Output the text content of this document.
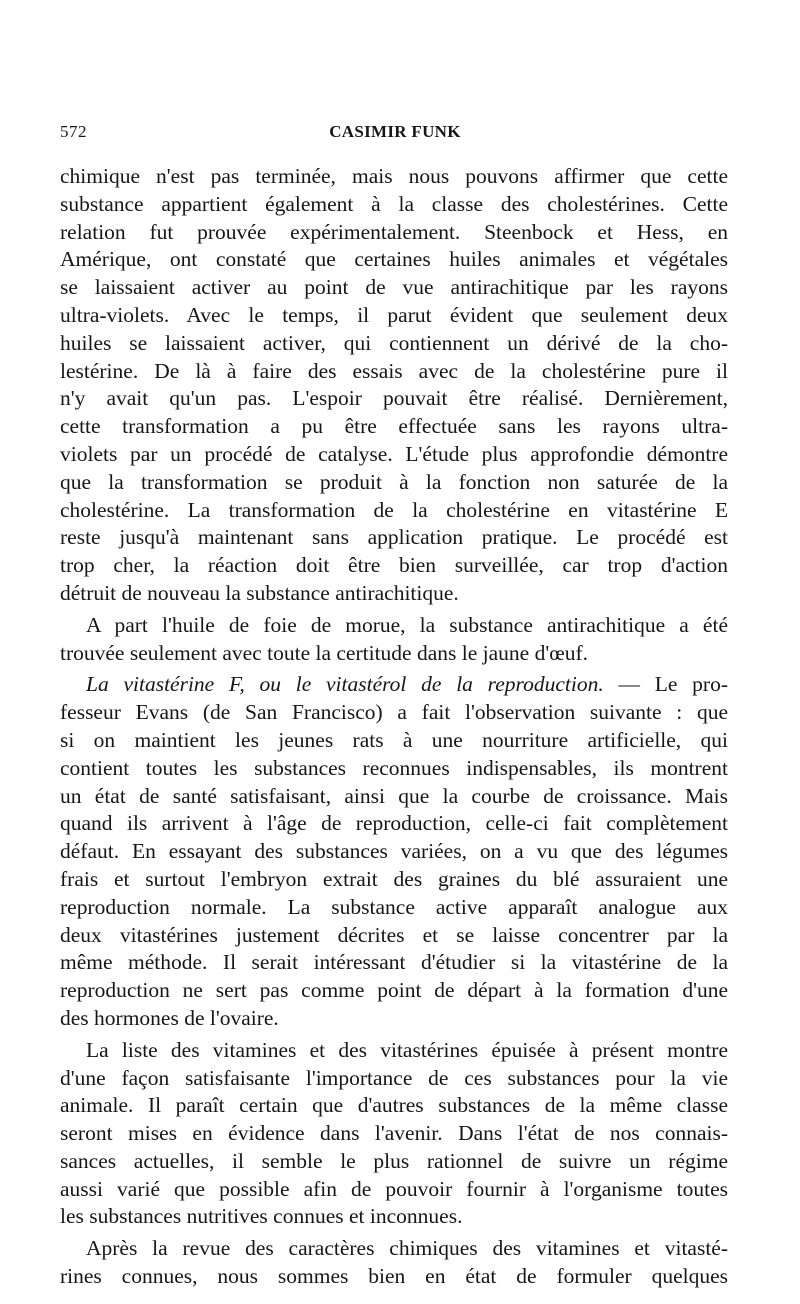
572	CASIMIR FUNK
chimique n'est pas terminée, mais nous pouvons affirmer que cette
substance appartient également à la classe des cholestérines. Cette
relation fut prouvée expérimentalement. Steenbock et Hess, en
Amérique, ont constaté que certaines huiles animales et végétales
se laissaient activer au point de vue antirachitique par les rayons
ultra-violets. Avec le temps, il parut évident que seulement deux
huiles se laissaient activer, qui contiennent un dérivé de la cho-
lestérine. De là à faire des essais avec de la cholestérine pure il
n'y avait qu'un pas. L'espoir pouvait être réalisé. Dernièrement,
cette transformation a pu être effectuée sans les rayons ultra-
violets par un procédé de catalyse. L'étude plus approfondie démontre
que la transformation se produit à la fonction non saturée de la
cholestérine. La transformation de la cholestérine en vitastérine E
reste jusqu'à maintenant sans application pratique. Le procédé est
trop cher, la réaction doit être bien surveillée, car trop d'action
détruit de nouveau la substance antirachitique.
A part l'huile de foie de morue, la substance antirachitique a été
trouvée seulement avec toute la certitude dans le jaune d'œuf.
La vitastérine F, ou le vitastérol de la reproduction. — Le pro-
fesseur Evans (de San Francisco) a fait l'observation suivante : que
si on maintient les jeunes rats à une nourriture artificielle, qui
contient toutes les substances reconnues indispensables, ils montrent
un état de santé satisfaisant, ainsi que la courbe de croissance. Mais
quand ils arrivent à l'âge de reproduction, celle-ci fait complètement
défaut. En essayant des substances variées, on a vu que des légumes
frais et surtout l'embryon extrait des graines du blé assuraient une
reproduction normale. La substance active apparaît analogue aux
deux vitastérines justement décrites et se laisse concentrer par la
même méthode. Il serait intéressant d'étudier si la vitastérine de la
reproduction ne sert pas comme point de départ à la formation d'une
des hormones de l'ovaire.
La liste des vitamines et des vitastérines épuisée à présent montre
d'une façon satisfaisante l'importance de ces substances pour la vie
animale. Il paraît certain que d'autres substances de la même classe
seront mises en évidence dans l'avenir. Dans l'état de nos connais-
sances actuelles, il semble le plus rationnel de suivre un régime
aussi varié que possible afin de pouvoir fournir à l'organisme toutes
les substances nutritives connues et inconnues.
Après la revue des caractères chimiques des vitamines et vitasté-
rines connues, nous sommes bien en état de formuler quelques
